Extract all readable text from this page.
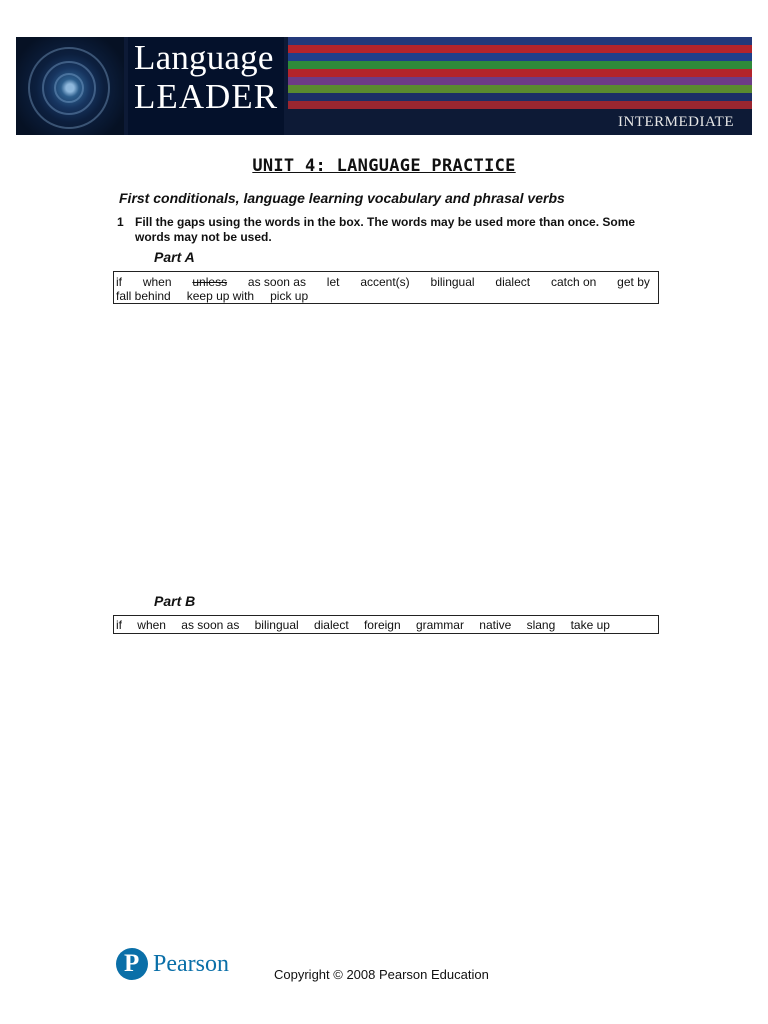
Language
LEADER
INTERMEDIATE
UNIT 4: LANGUAGE PRACTICE
First conditionals, language learning vocabulary and phrasal verbs
1 Fill the gaps using the words in the box. The words may be used more than once. Some words may not be used.
Part A
if when unless as soon as let accent(s) bilingual dialect catch on get by
fall behind keep up with pick up
Part B
if when as soon as bilingual dialect foreign grammar native slang take up
P Pearson	Copyright © 2008 Pearson Education
